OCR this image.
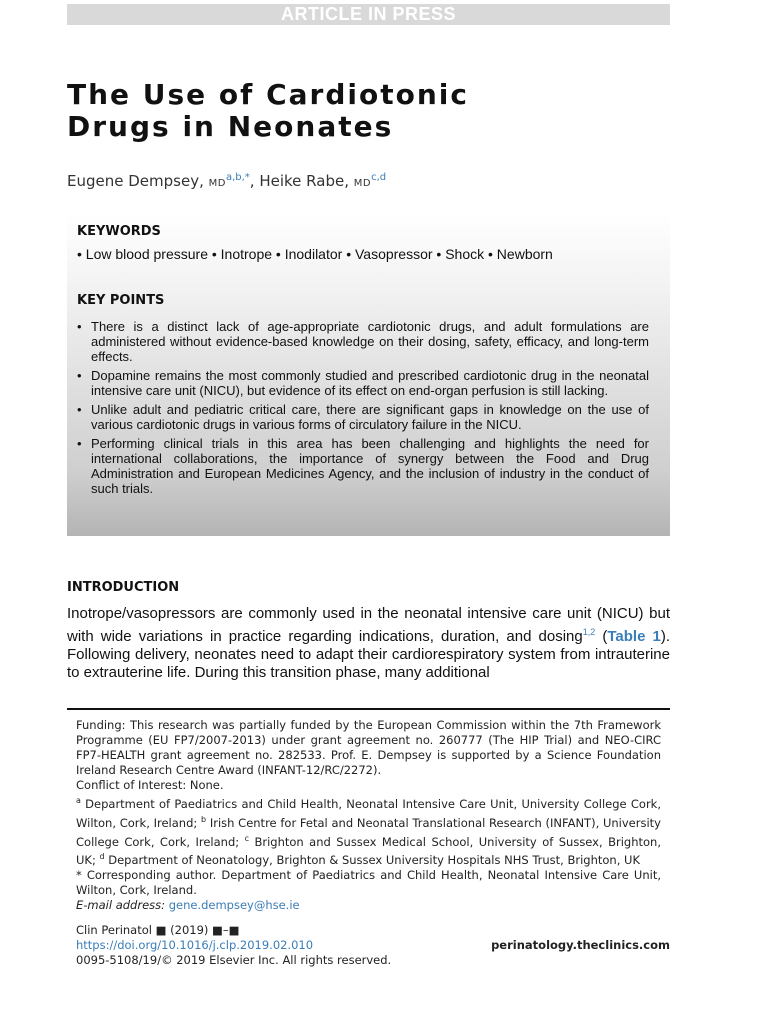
ARTICLE IN PRESS
The Use of Cardiotonic
Drugs in Neonates
Eugene Dempsey, $MD^{a,b,*}$, Heike Rabe, MD$^{c,d}$
KEYWORDS
• Low blood pressure • Inotrope • Inodilator • Vasopressor • Shock • Newborn
KEY POINTS
• There is a distinct lack of age-appropriate cardiotonic drugs, and adult formulations are administered without evidence-based knowledge on their dosing, safety, efficacy, and long-term effects.
• Dopamine remains the most commonly studied and prescribed cardiotonic drug in the neonatal intensive care unit (NICU), but evidence of its effect on end-organ perfusion is still lacking.
• Unlike adult and pediatric critical care, there are significant gaps in knowledge on the use of various cardiotonic drugs in various forms of circulatory failure in the NICU.
• Performing clinical trials in this area has been challenging and highlights the need for international collaborations, the importance of synergy between the Food and Drug Administration and European Medicines Agency, and the inclusion of industry in the conduct of such trials.
INTRODUCTION

Inotrope/vasopressors are commonly used in the neonatal intensive care unit (NICU) but with wide variations in practice regarding indications, duration, and dosing$^{1,2}$ (Table 1). Following delivery, neonates need to adapt their cardiorespiratory system from intrauterine to extrauterine life. During this transition phase, many additional

Funding: This research was partially funded by the European Commission within the 7th Framework Programme (EU FP7/2007-2013) under grant agreement no. 260777 (The HIP Trial) and NEO-CIRC FP7-HEALTH grant agreement no. 282533. Prof. E. Dempsey is supported by a Science Foundation Ireland Research Centre Award (INFANT-12/RC/2272).

Conflict of Interest: None.

$^a$ Department of Paediatrics and Child Health, Neonatal Intensive Care Unit, University College Cork, Wilton, Cork, Ireland; $^b$ Irish Centre for Fetal and Neonatal Translational Research (INFANT), University College Cork, Cork, Ireland; $^c$ Brighton and Sussex Medical School, University of Sussex, Brighton, UK; $^d$ Department of Neonatology, Brighton & Sussex University Hospitals NHS Trust, Brighton, UK

* Corresponding author. Department of Paediatrics and Child Health, Neonatal Intensive Care Unit, Wilton, Cork, Ireland.

E-mail address: gene.dempsey@hse.ie

Clin Perinatol ■ (2019) ■–■
https://doi.org/10.1016/j.clp.2019.02.010
0095-5108/19/© 2019 Elsevier Inc. All rights reserved.
perinatology.theclinics.com
